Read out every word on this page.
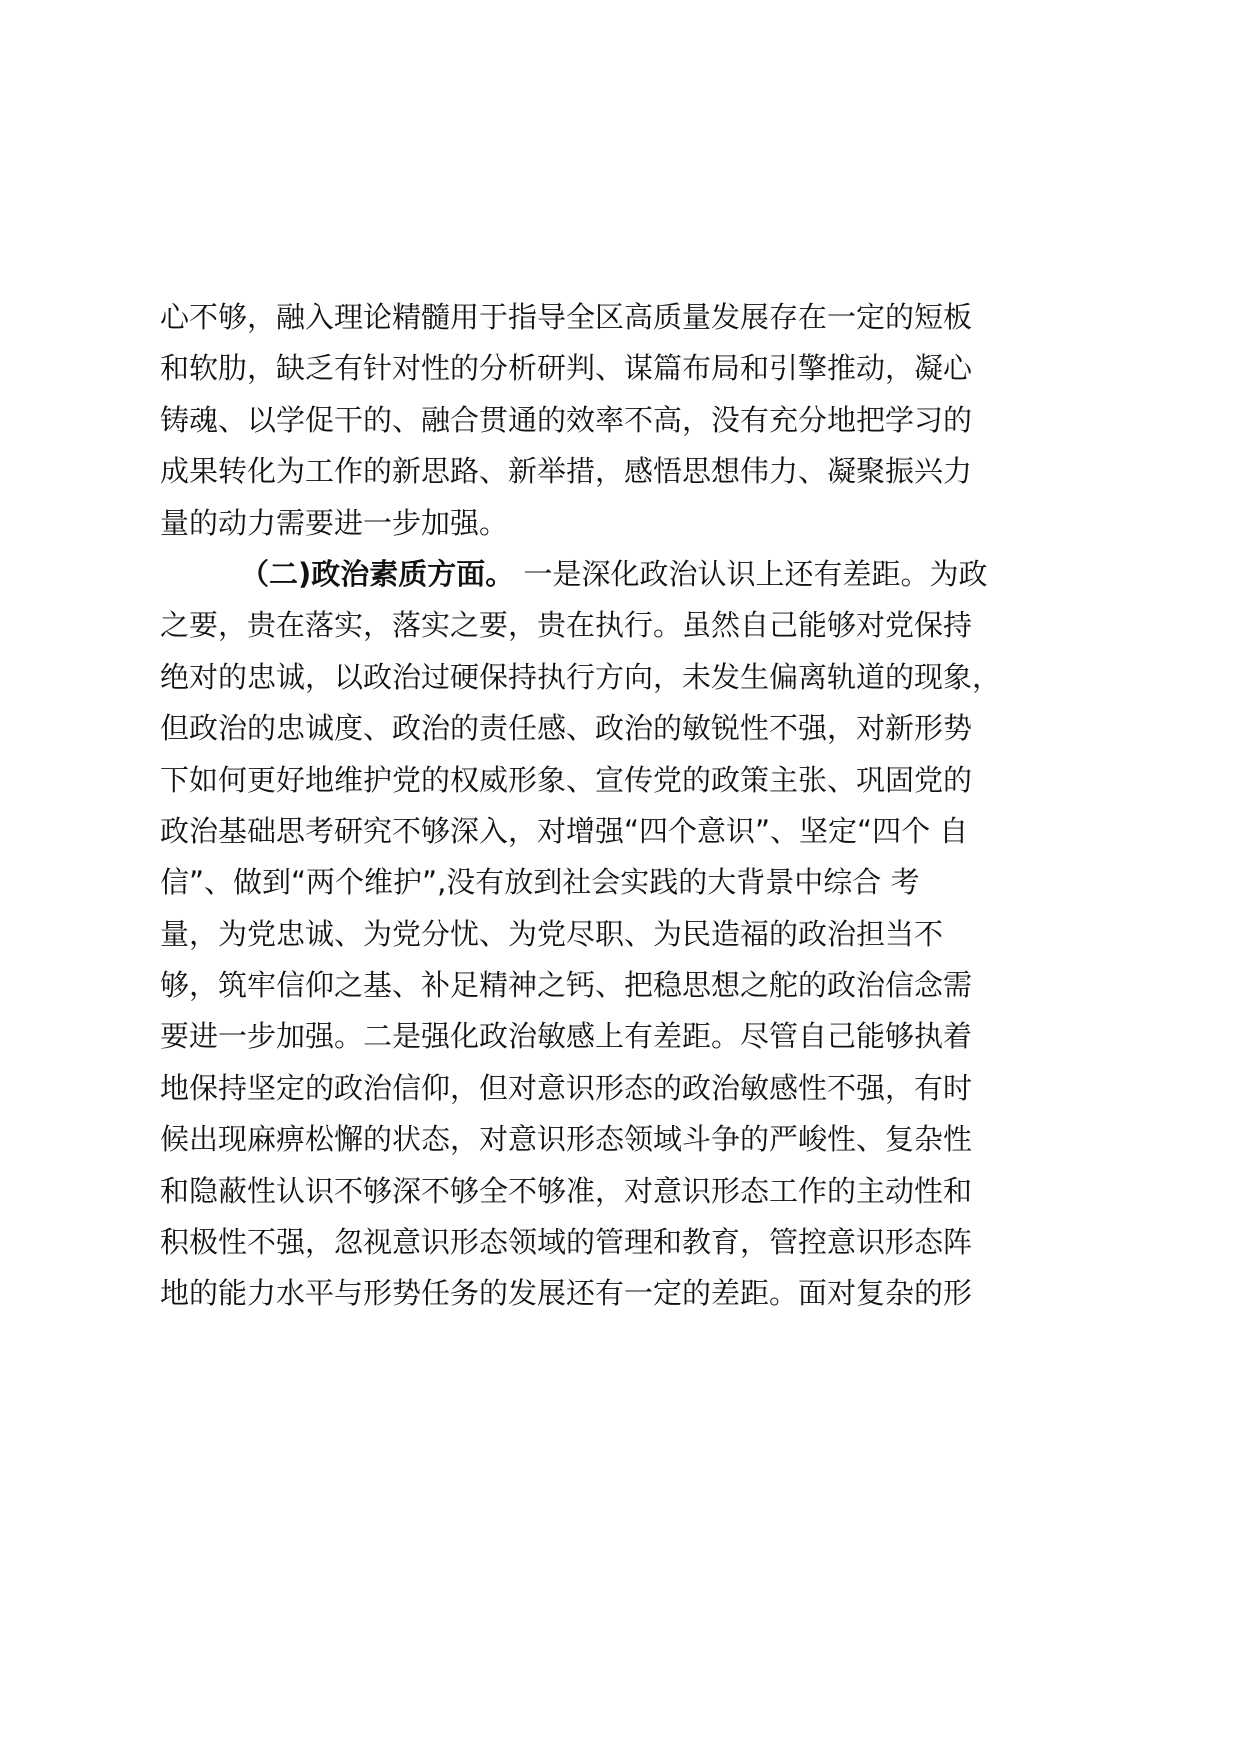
心不够，融入理论精髓用于指导全区高质量发展存在一定的短板
和软肋，缺乏有针对性的分析研判、谋篇布局和引擎推动，凝心
铸魂、以学促干的、融合贯通的效率不高，没有充分地把学习的
成果转化为工作的新思路、新举措，感悟思想伟力、凝聚振兴力
量的动力需要进一步加强。
（二)政治素质方面。 一是深化政治认识上还有差距。为政
之要，贵在落实，落实之要，贵在执行。虽然自己能够对党保持
绝对的忠诚，以政治过硬保持执行方向，未发生偏离轨道的现象，
但政治的忠诚度、政治的责任感、政治的敏锐性不强，对新形势
下如何更好地维护党的权威形象、宣传党的政策主张、巩固党的
政治基础思考研究不够深入，对增强“四个意识”、坚定“四个 自
信”、做到“两个维护”,没有放到社会实践的大背景中综合 考
量，为党忠诚、为党分忧、为党尽职、为民造福的政治担当不
够，筑牢信仰之基、补足精神之钙、把稳思想之舵的政治信念需
要进一步加强。二是强化政治敏感上有差距。尽管自己能够执着
地保持坚定的政治信仰，但对意识形态的政治敏感性不强，有时
候出现麻痹松懈的状态，对意识形态领域斗争的严峻性、复杂性
和隐蔽性认识不够深不够全不够准，对意识形态工作的主动性和
积极性不强，忽视意识形态领域的管理和教育，管控意识形态阵
地的能力水平与形势任务的发展还有一定的差距。面对复杂的形
